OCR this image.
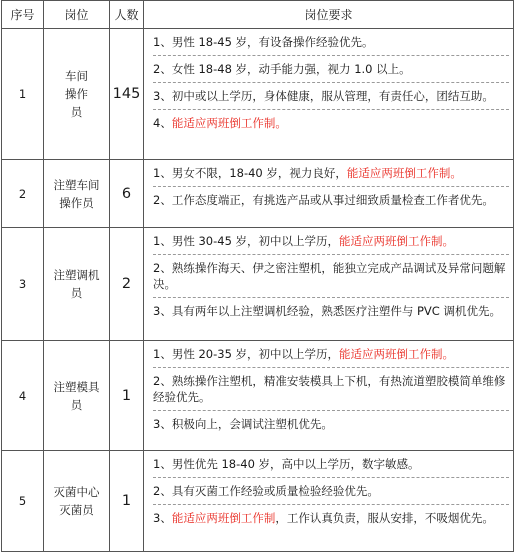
序号	岗位	人数	岗位要求
1	车间操作员	145	1、男性 18-45 岁，有设备操作经验优先。
2、女性 18-48 岁，动手能力强，视力 1.0 以上。
3、初中或以上学历，身体健康，服从管理，有责任心，团结互助。
4、能适应两班倒工作制。

2	注塑车间操作员	6	1、男女不限，18-40 岁，视力良好，能适应两班倒工作制。
2、工作态度端正，有挑选产品或从事过细致质量检查工作者优先。

3	注塑调机员	2	1、男性 30-45 岁，初中以上学历，能适应两班倒工作制。
2、熟练操作海天、伊之密注塑机，能独立完成产品调试及异常问题解决。
3、具有两年以上注塑调机经验，熟悉医疗注塑件与 PVC 调机优先。

4	注塑模具员	1	1、男性 20-35 岁，初中以上学历，能适应两班倒工作制。
2、熟练操作注塑机，精准安装模具上下机，有热流道塑胶模简单维修经验优先。
3、积极向上，会调试注塑机优先。

5	灭菌中心灭菌员	1	1、男性优先 18-40 岁，高中以上学历，数字敏感。
2、具有灭菌工作经验或质量检验经验优先。
3、能适应两班倒工作制，工作认真负责，服从安排，不吸烟优先。
